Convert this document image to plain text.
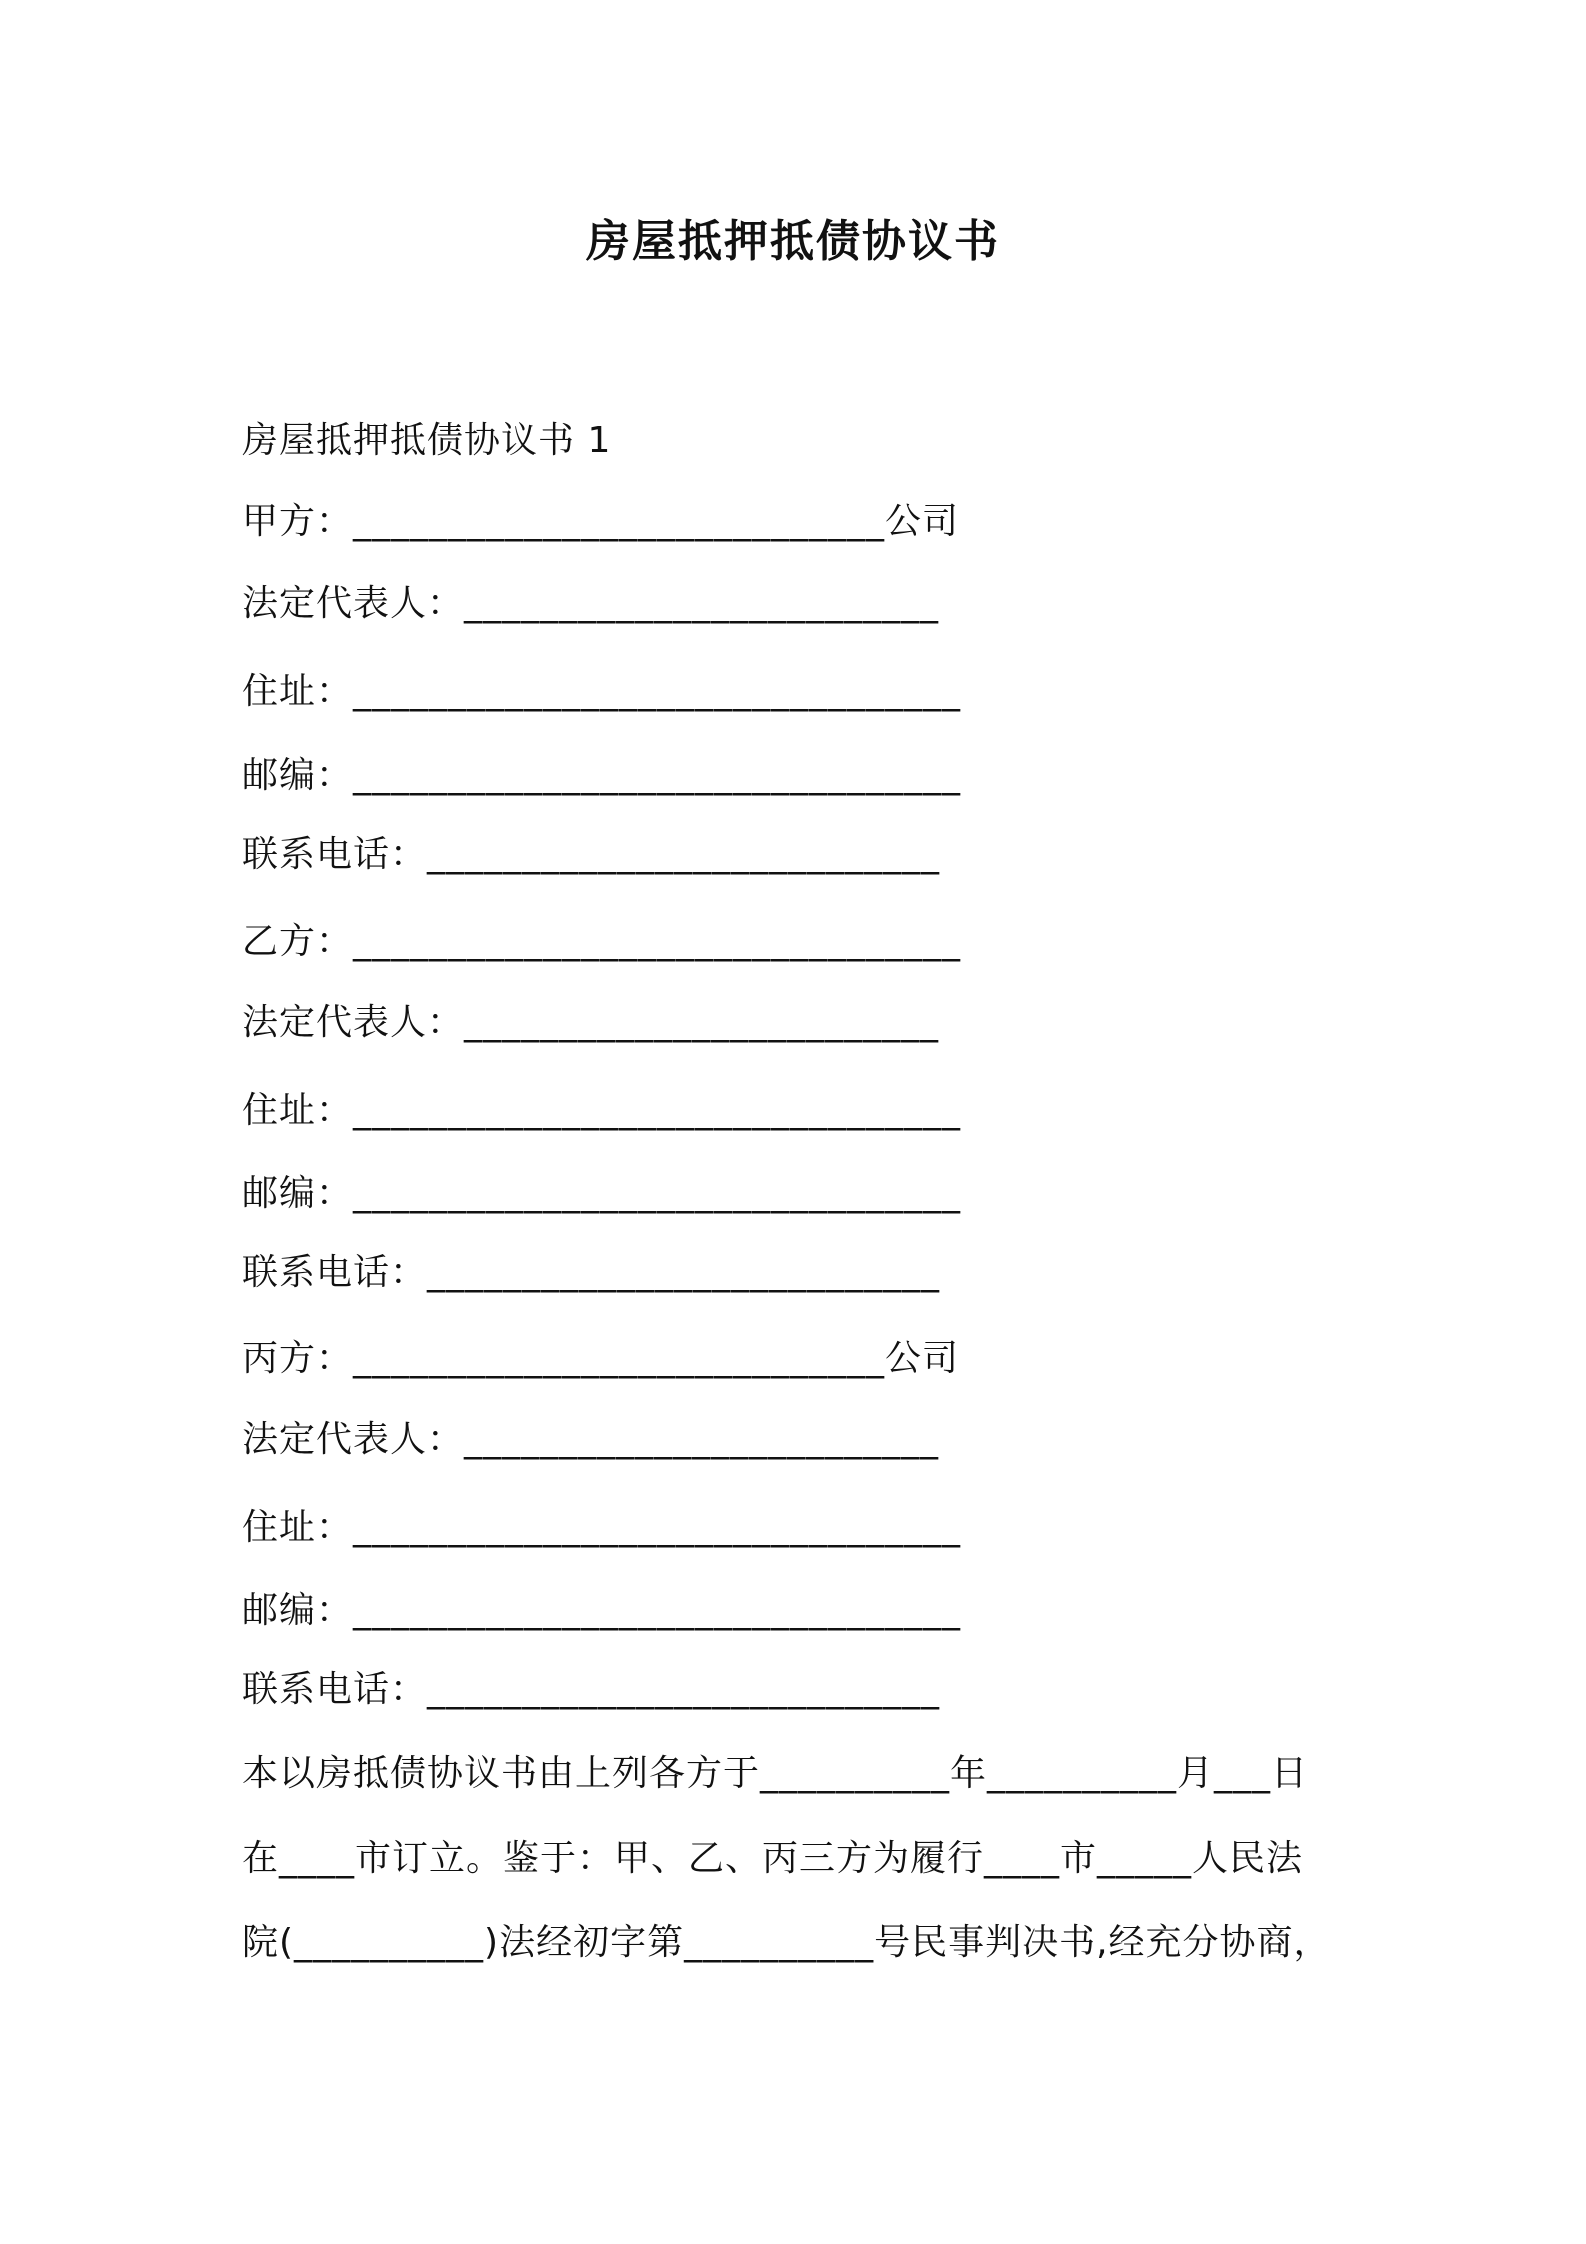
房屋抵押抵债协议书
房屋抵押抵债协议书 1
甲方：____________________________公司
法定代表人：_________________________
住址：________________________________
邮编：________________________________
联系电话：___________________________
乙方：________________________________
法定代表人：_________________________
住址：________________________________
邮编：________________________________
联系电话：___________________________
丙方：____________________________公司
法定代表人：_________________________
住址：________________________________
邮编：________________________________
联系电话：___________________________
本以房抵债协议书由上列各方于__________年__________月___日
在____市订立。鉴于：甲、乙、丙三方为履行____市_____人民法
院(__________)法经初字第__________号民事判决书,经充分协商，
